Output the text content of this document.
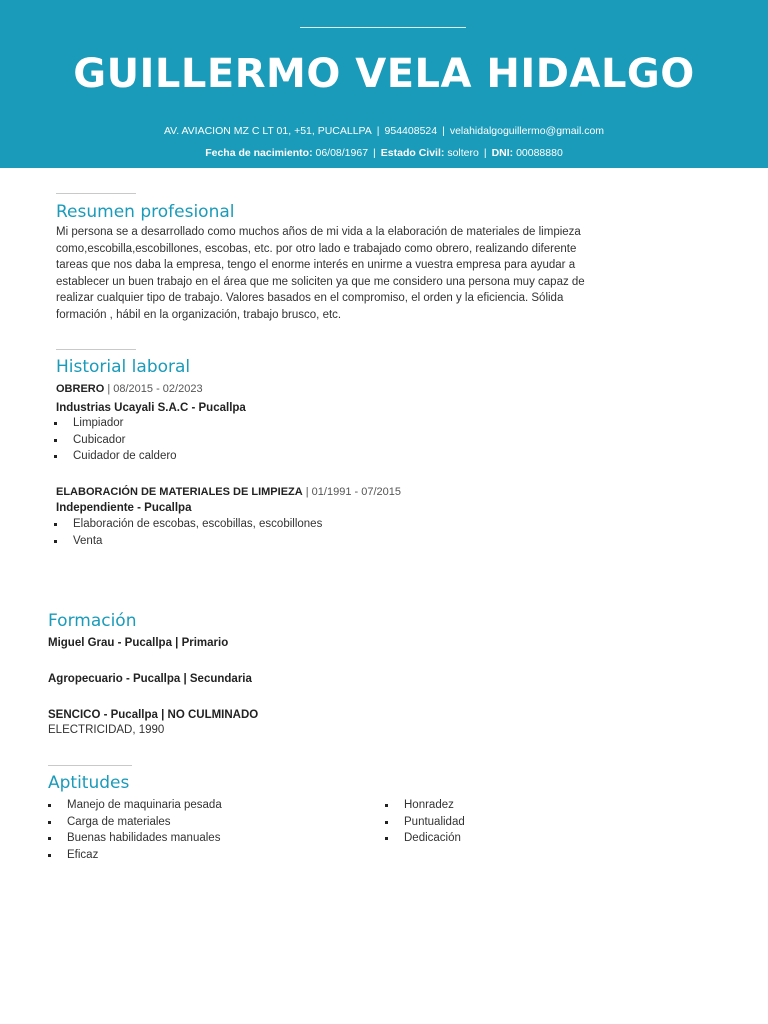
GUILLERMO VELA HIDALGO
AV. AVIACION MZ C LT 01, +51, PUCALLPA | 954408524 | velahidalgoguillermo@gmail.com
Fecha de nacimiento: 06/08/1967 | Estado Civil: soltero | DNI: 00088880
Resumen profesional
Mi persona se a desarrollado como muchos años de mi vida a la elaboración de materiales de limpieza
como,escobilla,escobillones, escobas, etc. por otro lado e trabajado como obrero, realizando diferente
tareas que nos daba la empresa, tengo el enorme interés en unirme a vuestra empresa para ayudar a
establecer un buen trabajo en el área que me soliciten ya que me considero una persona muy capaz de
realizar cualquier tipo de trabajo. Valores basados en el compromiso, el orden y la eficiencia. Sólida
formación , hábil en la organización, trabajo brusco, etc.
Historial laboral
OBRERO | 08/2015 - 02/2023
Industrias Ucayali S.A.C - Pucallpa
Limpiador
Cubicador
Cuidador de caldero
ELABORACIÓN DE MATERIALES DE LIMPIEZA | 01/1991 - 07/2015
Independiente - Pucallpa
Elaboración de escobas, escobillas, escobillones
Venta
Formación
Miguel Grau - Pucallpa | Primario
Agropecuario - Pucallpa | Secundaria
SENCICO - Pucallpa | NO CULMINADO
ELECTRICIDAD, 1990
Aptitudes
Manejo de maquinaria pesada
Carga de materiales
Buenas habilidades manuales
Eficaz
Honradez
Puntualidad
Dedicación
